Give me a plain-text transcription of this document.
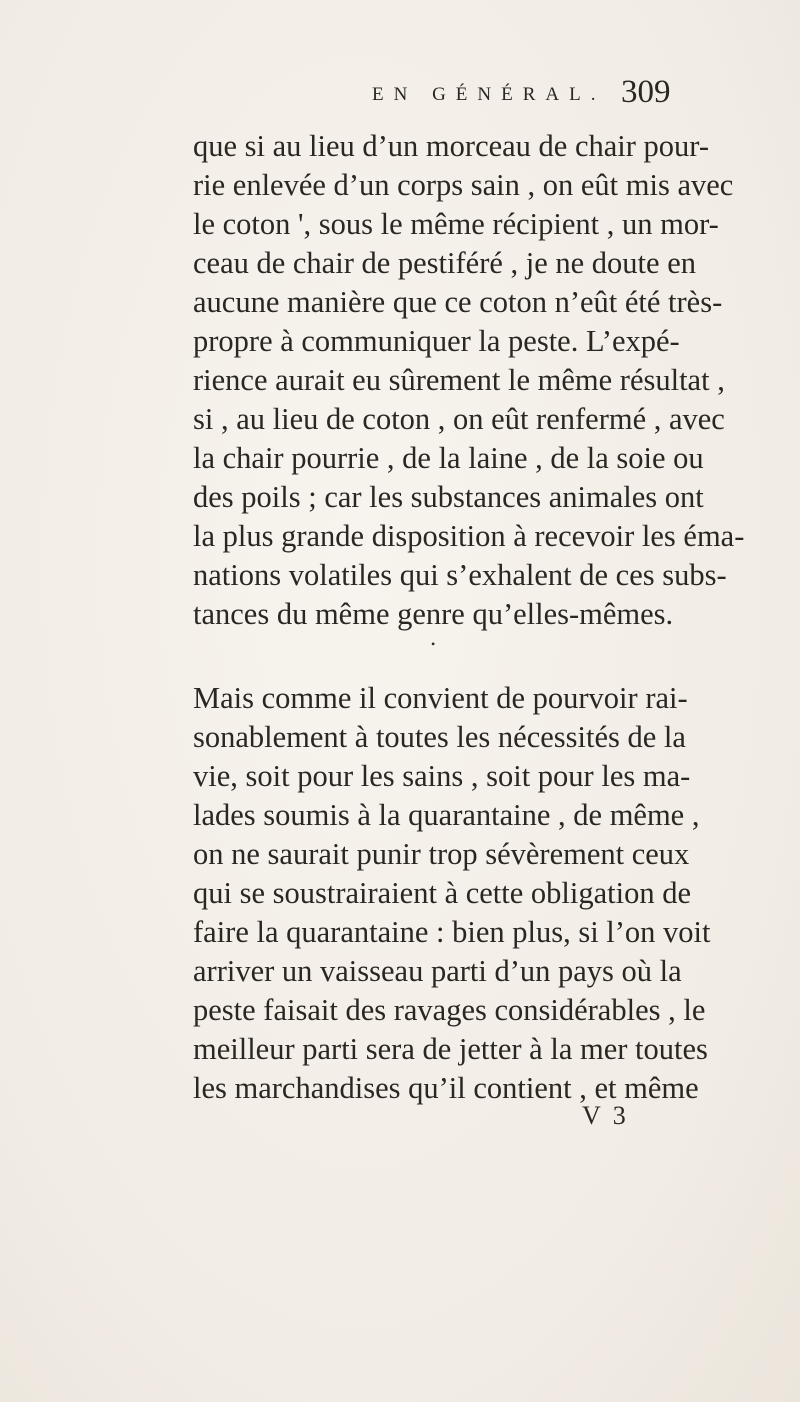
EN GÉNÉRAL. 309
que si au lieu d’un morceau de chair pour-
rie enlevée d’un corps sain , on eût mis avec
le coton ', sous le même récipient , un mor-
ceau de chair de pestiféré , je ne doute en
aucune manière que ce coton n’eût été très-
propre à communiquer la peste. L’expé-
rience aurait eu sûrement le même résultat ,
si , au lieu de coton , on eût renfermé , avec
la chair pourrie , de la laine , de la soie ou
des poils ; car les substances animales ont
la plus grande disposition à recevoir les éma-
nations volatiles qui s’exhalent de ces subs-
tances du même genre qu’elles-mêmes.
•
Mais comme il convient de pourvoir rai-
sonablement à toutes les nécessités de la
vie, soit pour les sains , soit pour les ma-
lades soumis à la quarantaine , de même ,
on ne saurait punir trop sévèrement ceux
qui se soustrairaient à cette obligation de
faire la quarantaine : bien plus, si l’on voit
arriver un vaisseau parti d’un pays où la
peste faisait des ravages considérables , le
meilleur parti sera de jetter à la mer toutes
les marchandises qu’il contient , et même
V 3
